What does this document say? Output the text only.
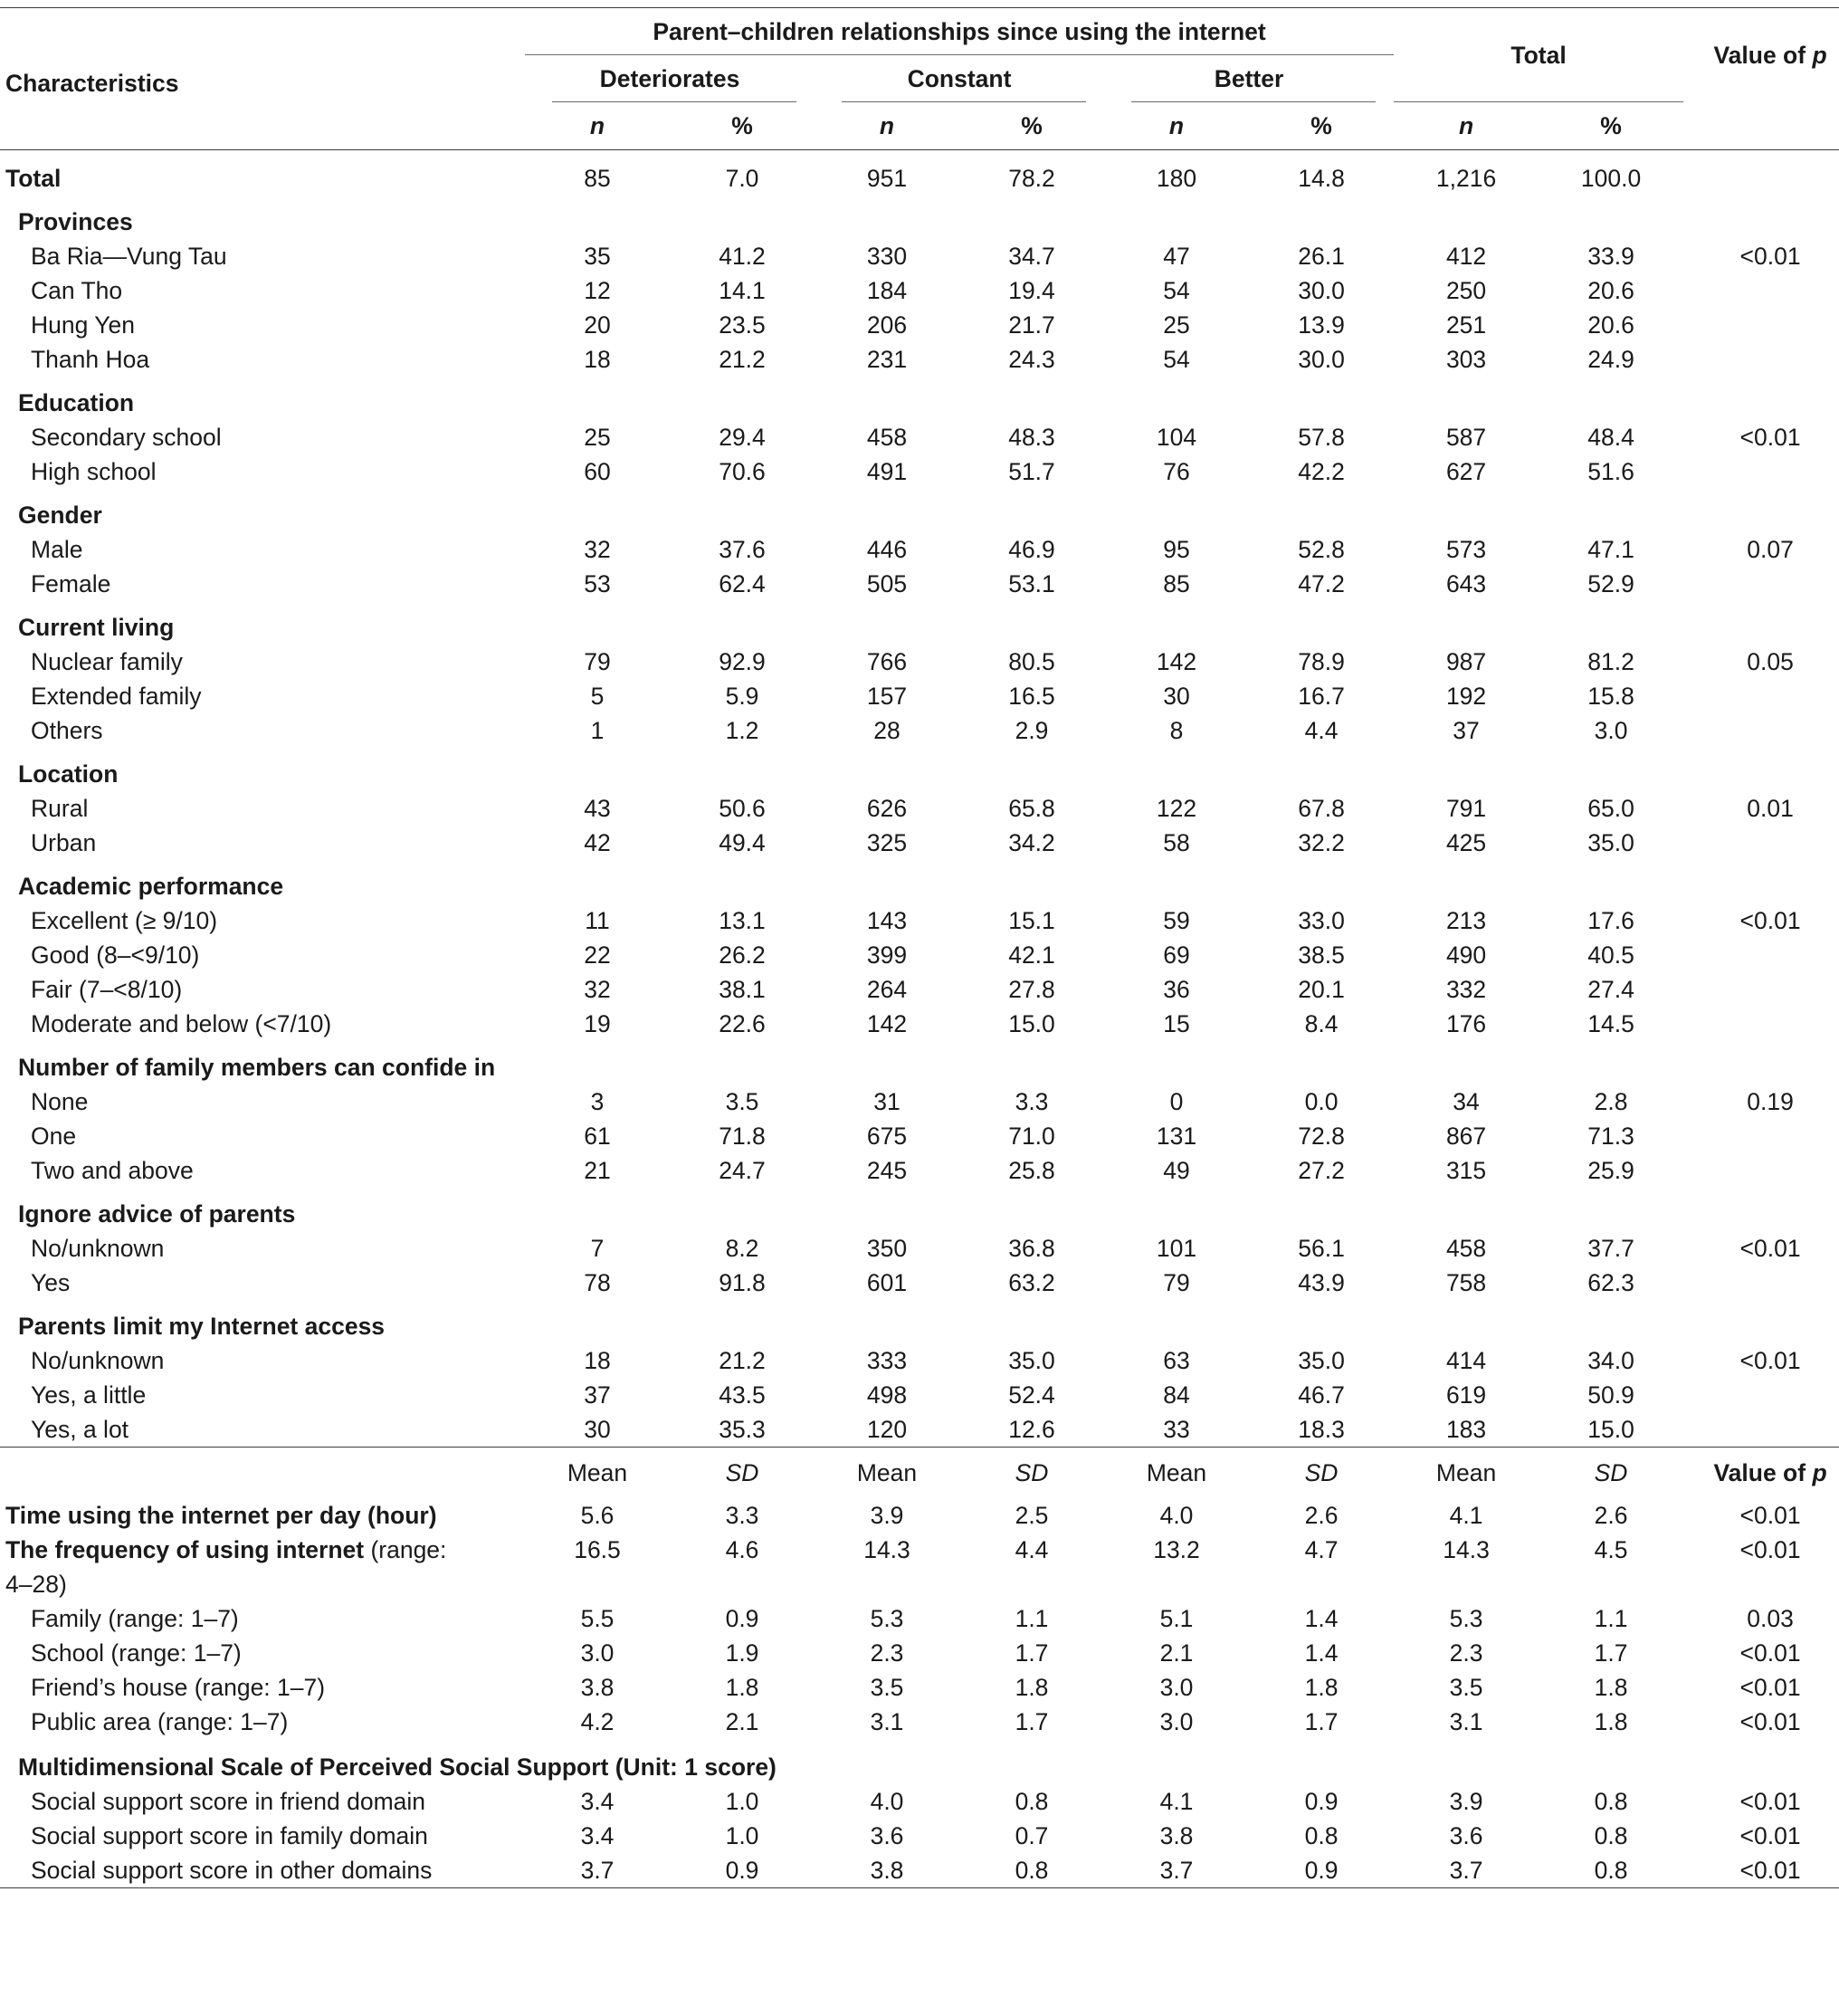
Characteristics	Parent–children relationships since using the internet						Total		Value of p
	Deteriorates		Constant		Better				

	n	%	n	%	n	%	n	%	

Total	85	7.0	951	78.2	180	14.8	1,216	100.0	

Provinces									
Ba Ria—Vung Tau	35	41.2	330	34.7	47	26.1	412	33.9	<0.01
Can Tho	12	14.1	184	19.4	54	30.0	250	20.6	
Hung Yen	20	23.5	206	21.7	25	13.9	251	20.6	
Thanh Hoa	18	21.2	231	24.3	54	30.0	303	24.9	

Education									
Secondary school	25	29.4	458	48.3	104	57.8	587	48.4	<0.01
High school	60	70.6	491	51.7	76	42.2	627	51.6	

Gender									
Male	32	37.6	446	46.9	95	52.8	573	47.1	0.07
Female	53	62.4	505	53.1	85	47.2	643	52.9	

Current living									
Nuclear family	79	92.9	766	80.5	142	78.9	987	81.2	0.05
Extended family	5	5.9	157	16.5	30	16.7	192	15.8	
Others	1	1.2	28	2.9	8	4.4	37	3.0	

Location									
Rural	43	50.6	626	65.8	122	67.8	791	65.0	0.01
Urban	42	49.4	325	34.2	58	32.2	425	35.0	

Academic performance									
Excellent (≥ 9/10)	11	13.1	143	15.1	59	33.0	213	17.6	<0.01
Good (8–<9/10)	22	26.2	399	42.1	69	38.5	490	40.5	
Fair (7–<8/10)	32	38.1	264	27.8	36	20.1	332	27.4	
Moderate and below (<7/10)	19	22.6	142	15.0	15	8.4	176	14.5	

Number of family members can confide in									
None	3	3.5	31	3.3	0	0.0	34	2.8	0.19
One	61	71.8	675	71.0	131	72.8	867	71.3	
Two and above	21	24.7	245	25.8	49	27.2	315	25.9	

Ignore advice of parents									
No/unknown	7	8.2	350	36.8	101	56.1	458	37.7	<0.01
Yes	78	91.8	601	63.2	79	43.9	758	62.3	

Parents limit my Internet access									
No/unknown	18	21.2	333	35.0	63	35.0	414	34.0	<0.01
Yes, a little	37	43.5	498	52.4	84	46.7	619	50.9	
Yes, a lot	30	35.3	120	12.6	33	18.3	183	15.0	
	Mean	SD	Mean	SD	Mean	SD	Mean	SD	Value of p
Time using the internet per day (hour)	5.6	3.3	3.9	2.5	4.0	2.6	4.1	2.6	<0.01
The frequency of using internet (range:
4–28)	16.5	4.6	14.3	4.4	13.2	4.7	14.3	4.5	<0.01
Family (range: 1–7)	5.5	0.9	5.3	1.1	5.1	1.4	5.3	1.1	0.03
School (range: 1–7)	3.0	1.9	2.3	1.7	2.1	1.4	2.3	1.7	<0.01
Friend’s house (range: 1–7)	3.8	1.8	3.5	1.8	3.0	1.8	3.5	1.8	<0.01
Public area (range: 1–7)	4.2	2.1	3.1	1.7	3.0	1.7	3.1	1.8	<0.01

Multidimensional Scale of Perceived Social Support (Unit: 1 score)									
Social support score in friend domain	3.4	1.0	4.0	0.8	4.1	0.9	3.9	0.8	<0.01
Social support score in family domain	3.4	1.0	3.6	0.7	3.8	0.8	3.6	0.8	<0.01
Social support score in other domains	3.7	0.9	3.8	0.8	3.7	0.9	3.7	0.8	<0.01
